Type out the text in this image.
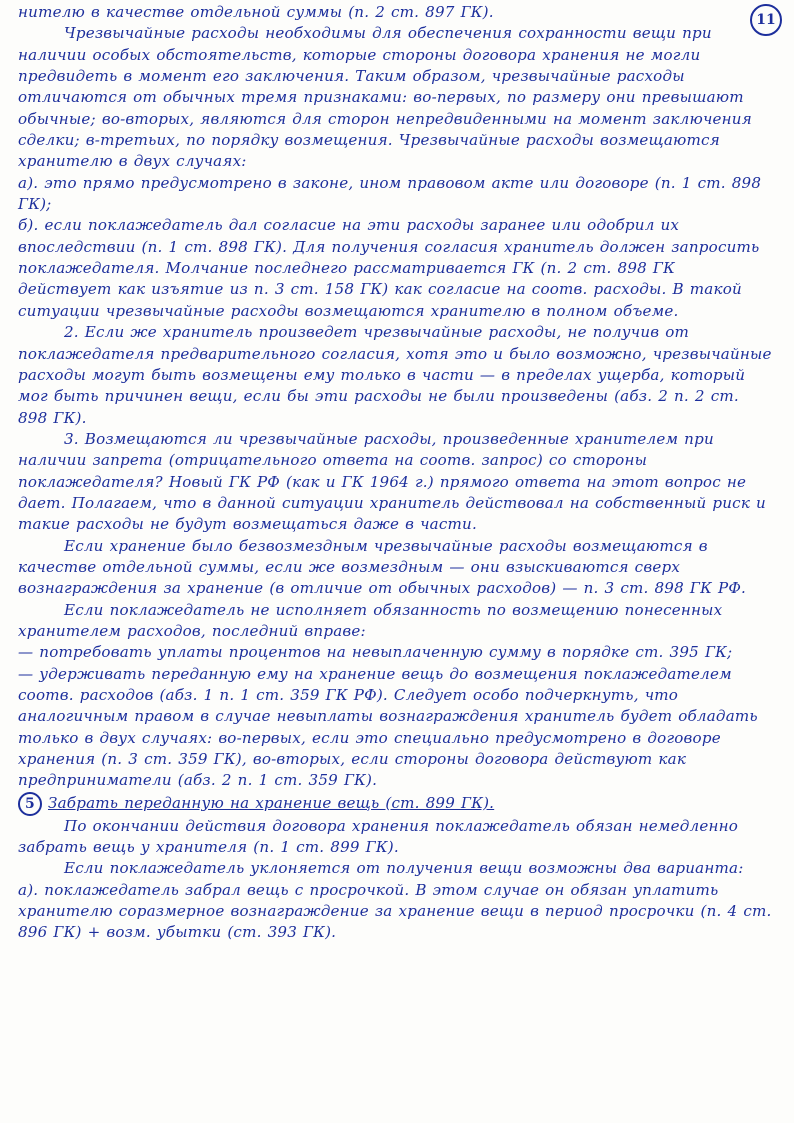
11

нителю в качестве отдельной суммы (п. 2 ст. 897 ГК).

Чрезвычайные расходы необходимы для обеспечения сохранности вещи при наличии особых обстоятельств, которые стороны договора хранения не могли предвидеть в момент его заключения. Таким образом, чрезвычайные расходы отличаются от обычных тремя признаками: во-первых, по размеру они превышают обычные; во-вторых, являются для сторон непредвиденными на момент заключения сделки; в-третьих, по порядку возмещения. Чрезвычайные расходы возмещаются хранителю в двух случаях:

а). это прямо предусмотрено в законе, ином правовом акте или договоре (п. 1 ст. 898 ГК);

б). если поклажедатель дал согласие на эти расходы заранее или одобрил их впоследствии (п. 1 ст. 898 ГК). Для получения согласия хранитель должен запросить поклажедателя. Молчание последнего рассматривается ГК (п. 2 ст. 898 ГК действует как изъятие из п. 3 ст. 158 ГК) как согласие на соотв. расходы. В такой ситуации чрезвычайные расходы возмещаются хранителю в полном объеме.

2. Если же хранитель произведет чрезвычайные расходы, не получив от поклажедателя предварительного согласия, хотя это и было возможно, чрезвычайные расходы могут быть возмещены ему только в части — в пределах ущерба, который мог быть причинен вещи, если бы эти расходы не были произведены (абз. 2 п. 2 ст. 898 ГК).

3. Возмещаются ли чрезвычайные расходы, произведенные хранителем при наличии запрета (отрицательного ответа на соотв. запрос) со стороны поклажедателя? Новый ГК РФ (как и ГК 1964 г.) прямого ответа на этот вопрос не дает. Полагаем, что в данной ситуации хранитель действовал на собственный риск и такие расходы не будут возмещаться даже в части.

Если хранение было безвозмездным чрезвычайные расходы возмещаются в качестве отдельной суммы, если же возмездным — они взыскиваются сверх вознаграждения за хранение (в отличие от обычных расходов) — п. 3 ст. 898 ГК РФ.

Если поклажедатель не исполняет обязанность по возмещению понесенных хранителем расходов, последний вправе:

— потребовать уплаты процентов на невыплаченную сумму в порядке ст. 395 ГК;

— удерживать переданную ему на хранение вещь до возмещения поклажедателем соотв. расходов (абз. 1 п. 1 ст. 359 ГК РФ). Следует особо подчеркнуть, что аналогичным правом в случае невыплаты вознаграждения хранитель будет обладать только в двух случаях: во-первых, если это специально предусмотрено в договоре хранения (п. 3 ст. 359 ГК), во-вторых, если стороны договора действуют как предприниматели (абз. 2 п. 1 ст. 359 ГК).

5 Забрать переданную на хранение вещь (ст. 899 ГК).

По окончании действия договора хранения поклажедатель обязан немедленно забрать вещь у хранителя (п. 1 ст. 899 ГК).

Если поклажедатель уклоняется от получения вещи возможны два варианта:

а). поклажедатель забрал вещь с просрочкой. В этом случае он обязан уплатить хранителю соразмерное вознаграждение за хранение вещи в период просрочки (п. 4 ст. 896 ГК) + возм. убытки (ст. 393 ГК).
